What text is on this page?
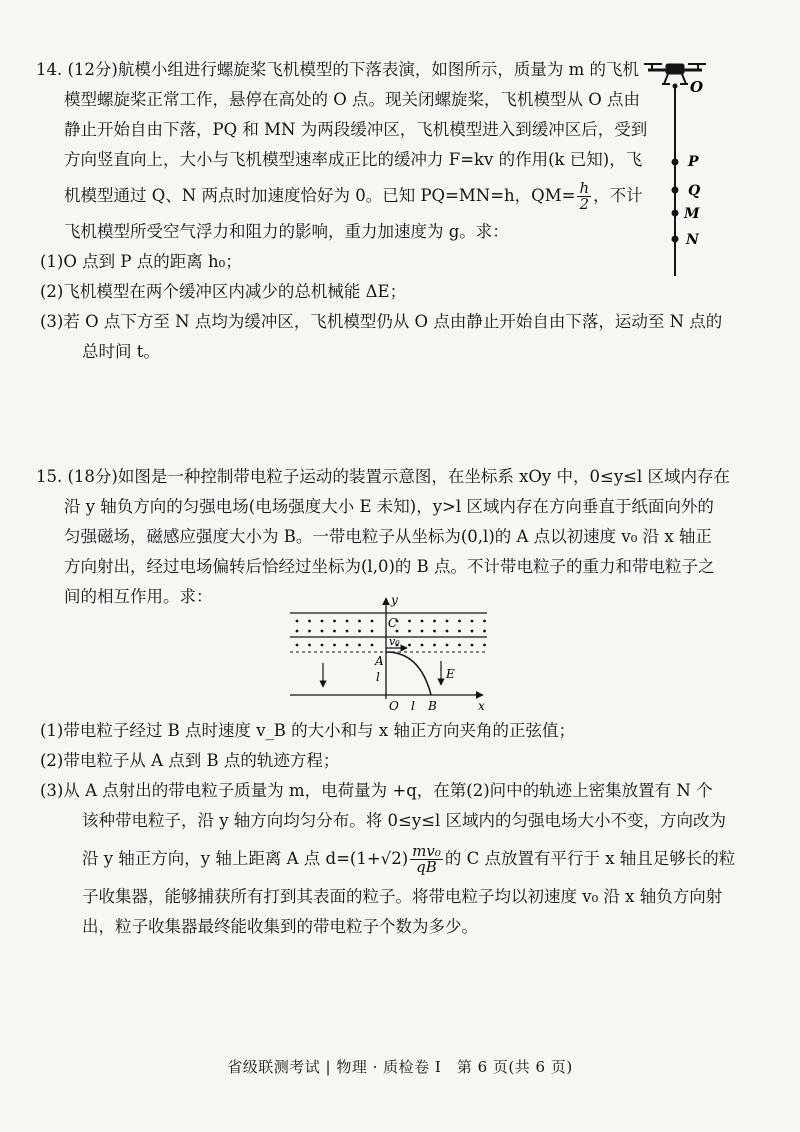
14. (12分)航模小组进行螺旋桨飞机模型的下落表演，如图所示，质量为 m 的飞机
模型螺旋桨正常工作，悬停在高处的 O 点。现关闭螺旋桨，飞机模型从 O 点由
静止开始自由下落，PQ 和 MN 为两段缓冲区，飞机模型进入到缓冲区后，受到
方向竖直向上，大小与飞机模型速率成正比的缓冲力 F=kv 的作用(k 已知)，飞
机模型通过 Q、N 两点时加速度恰好为 0。已知 PQ=MN=h，$QM= \frac{h}{2}$ ，不计
飞机模型所受空气浮力和阻力的影响，重力加速度为 g。求：
(1)O 点到 P 点的距离 h₀；
(2)飞机模型在两个缓冲区内减少的总机械能 ΔE；
(3)若 O 点下方至 N 点均为缓冲区，飞机模型仍从 O 点由静止开始自由下落，运动至 N 点的
总时间 t。
O
P
Q
M
N
15. (18分)如图是一种控制带电粒子运动的装置示意图，在坐标系 xOy 中，0≤y≤l 区域内存在
沿 y 轴负方向的匀强电场(电场强度大小 E 未知)，y>l 区域内存在方向垂直于纸面向外的
匀强磁场，磁感应强度大小为 B。一带电粒子从坐标为(0,l)的 A 点以初速度 v₀ 沿 x 轴正
方向射出，经过电场偏转后恰经过坐标为(l,0)的 B 点。不计带电粒子的重力和带电粒子之
间的相互作用。求：	y
x
C
v₀
A
l
O l B
E
(1)带电粒子经过 B 点时速度 v_B 的大小和与 x 轴正方向夹角的正弦值；
(2)带电粒子从 A 点到 B 点的轨迹方程；
(3)从 A 点射出的带电粒子质量为 m，电荷量为 +q，在第(2)问中的轨迹上密集放置有 N 个
该种带电粒子，沿 y 轴方向均匀分布。将 0≤y≤l 区域内的匀强电场大小不变，方向改为
沿 y 轴正方向，y 轴上距离 A 点 $d=(1+√2) \frac{\text{mv₀}}{qB}$ 的 C 点放置有平行于 x 轴且足够长的粒
子收集器，能够捕获所有打到其表面的粒子。将带电粒子均以初速度 v₀ 沿 x 轴负方向射
出，粒子收集器最终能收集到的带电粒子个数为多少。
省级联测考试 | 物理 · 质检卷 Ⅰ　第 6 页(共 6 页)
